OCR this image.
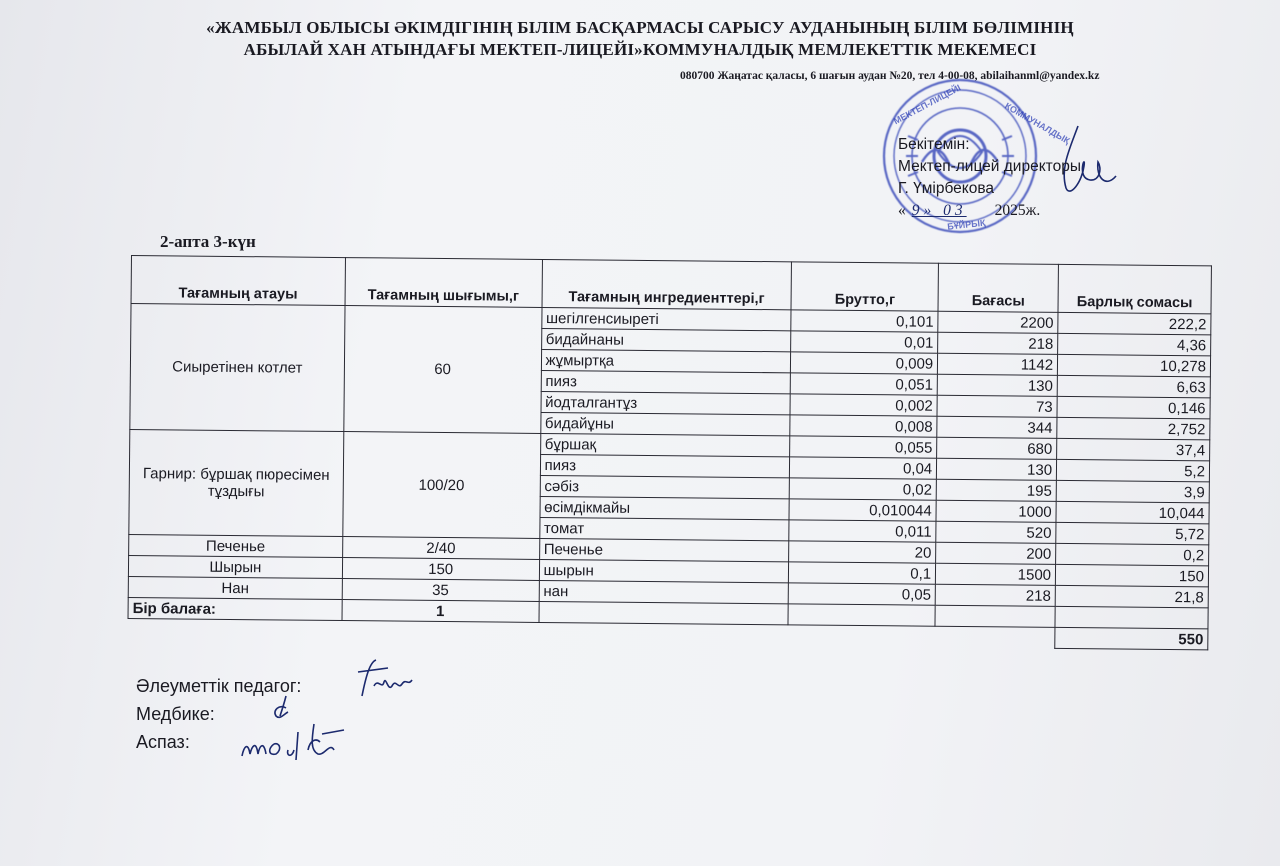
«ЖАМБЫЛ ОБЛЫСЫ ӘКІМДІГІНІҢ БІЛІМ БАСҚАРМАСЫ САРЫСУ АУДАНЫНЫҢ БІЛІМ БӨЛІМІНІҢ
АБЫЛАЙ ХАН АТЫНДАҒЫ МЕКТЕП-ЛИЦЕЙІ»КОММУНАЛДЫҚ МЕМЛЕКЕТТІК МЕКЕМЕСІ
080700 Жаңатас қаласы, 6 шағын аудан №20, тел 4-00-08, abilaihanml@yandex.kz
МЕКТЕП-ЛИЦЕЙІ	КОММУНАЛДЫҚ
БҰЙРЫҚ
Бекітемін:
Мектеп-лицей директоры
Г. Үмірбекова
« 9» 03 2025ж.
2-апта 3-күн
Тағамның атауы	Тағамның шығымы,г	Тағамның ингредиенттері,г	Брутто,г	Бағасы	Барлық сомасы
Сиыретінен котлет	60	шегілгенсиыреті	0,101	2200	222,2
		бидайнаны	0,01	218	4,36
		жұмыртқа	0,009	1142	10,278
		пияз	0,051	130	6,63
		йодталгантұз	0,002	73	0,146
		бидайұны	0,008	344	2,752
Гарнир: бұршақ пюресімен тұздығы	100/20	бұршақ	0,055	680	37,4
		пияз	0,04	130	5,2
		сәбіз	0,02	195	3,9
		өсімдікмайы	0,010044	1000	10,044
		томат	0,011	520	5,72
Печенье	2/40	Печенье	20	200	0,2
Шырын	150	шырын	0,1	1500	150
Нан	35	нан	0,05	218	21,8
Бір балаға:	1				
					550
Әлеуметтік педагог:
Медбике:
Аспаз:
